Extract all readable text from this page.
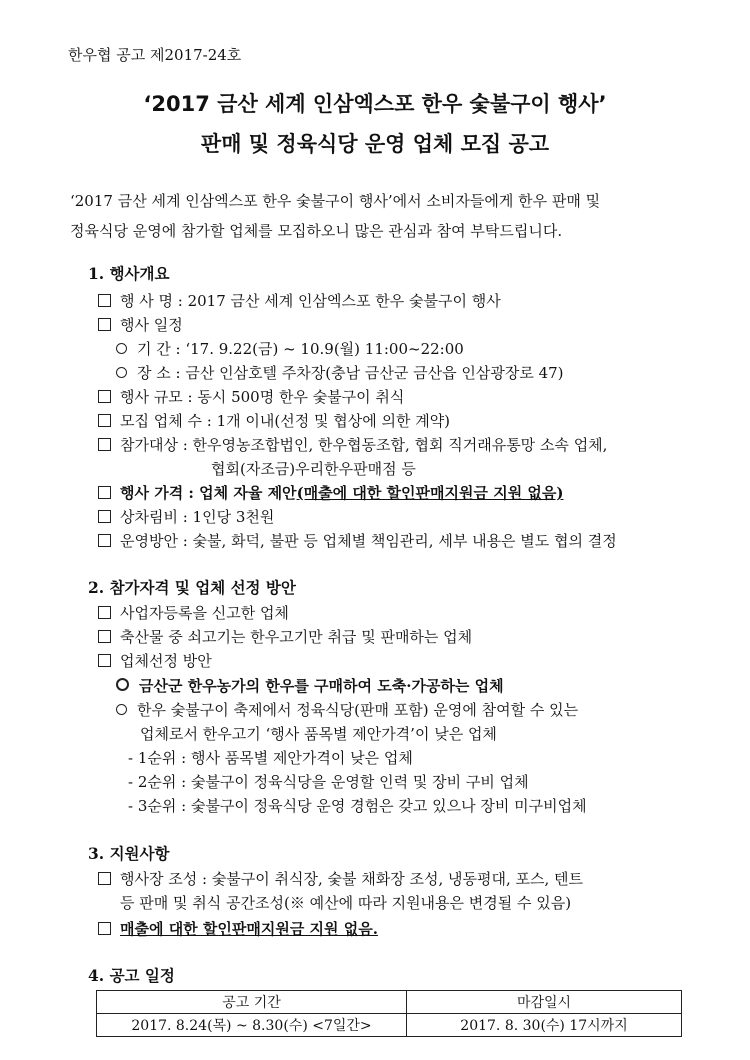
한우협 공고 제2017-24호
‘2017 금산 세계 인삼엑스포 한우 숯불구이 행사’
판매 및 정육식당 운영 업체 모집 공고

‘2017 금산 세계 인삼엑스포 한우 숯불구이 행사’에서 소비자들에게 한우 판매 및

정육식당 운영에 참가할 업체를 모집하오니 많은 관심과 참여 부탁드립니다.

1. 행사개요
행 사 명 : 2017 금산 세계 인삼엑스포 한우 숯불구이 행사
행사 일정
기 간 : ‘17. 9.22(금) ~ 10.9(월) 11:00~22:00
장 소 : 금산 인삼호텔 주차장(충남 금산군 금산읍 인삼광장로 47)
행사 규모 : 동시 500명 한우 숯불구이 취식
모집 업체 수 : 1개 이내(선정 및 협상에 의한 계약)
참가대상 : 한우영농조합법인, 한우협동조합, 협회 직거래유통망 소속 업체,
협회(자조금)우리한우판매점 등
행사 가격 : 업체 자율 제안(매출에 대한 할인판매지원금 지원 없음)
상차림비 : 1인당 3천원
운영방안 : 숯불, 화덕, 불판 등 업체별 책임관리, 세부 내용은 별도 협의 결정
2. 참가자격 및 업체 선정 방안
사업자등록을 신고한 업체
축산물 중 쇠고기는 한우고기만 취급 및 판매하는 업체
업체선정 방안
금산군 한우농가의 한우를 구매하여 도축·가공하는 업체
한우 숯불구이 축제에서 정육식당(판매 포함) 운영에 참여할 수 있는
업체로서 한우고기 ‘행사 품목별 제안가격’이 낮은 업체
- 1순위 : 행사 품목별 제안가격이 낮은 업체
- 2순위 : 숯불구이 정육식당을 운영할 인력 및 장비 구비 업체
- 3순위 : 숯불구이 정육식당 운영 경험은 갖고 있으나 장비 미구비업체
3. 지원사항
행사장 조성 : 숯불구이 취식장, 숯불 채화장 조성, 냉동평대, 포스, 텐트
등 판매 및 취식 공간조성(※ 예산에 따라 지원내용은 변경될 수 있음)
매출에 대한 할인판매지원금 지원 없음.
4. 공고 일정
공고 기간	마감일시
2017. 8.24(목) ~ 8.30(수) <7일간>	2017. 8. 30(수) 17시까지
